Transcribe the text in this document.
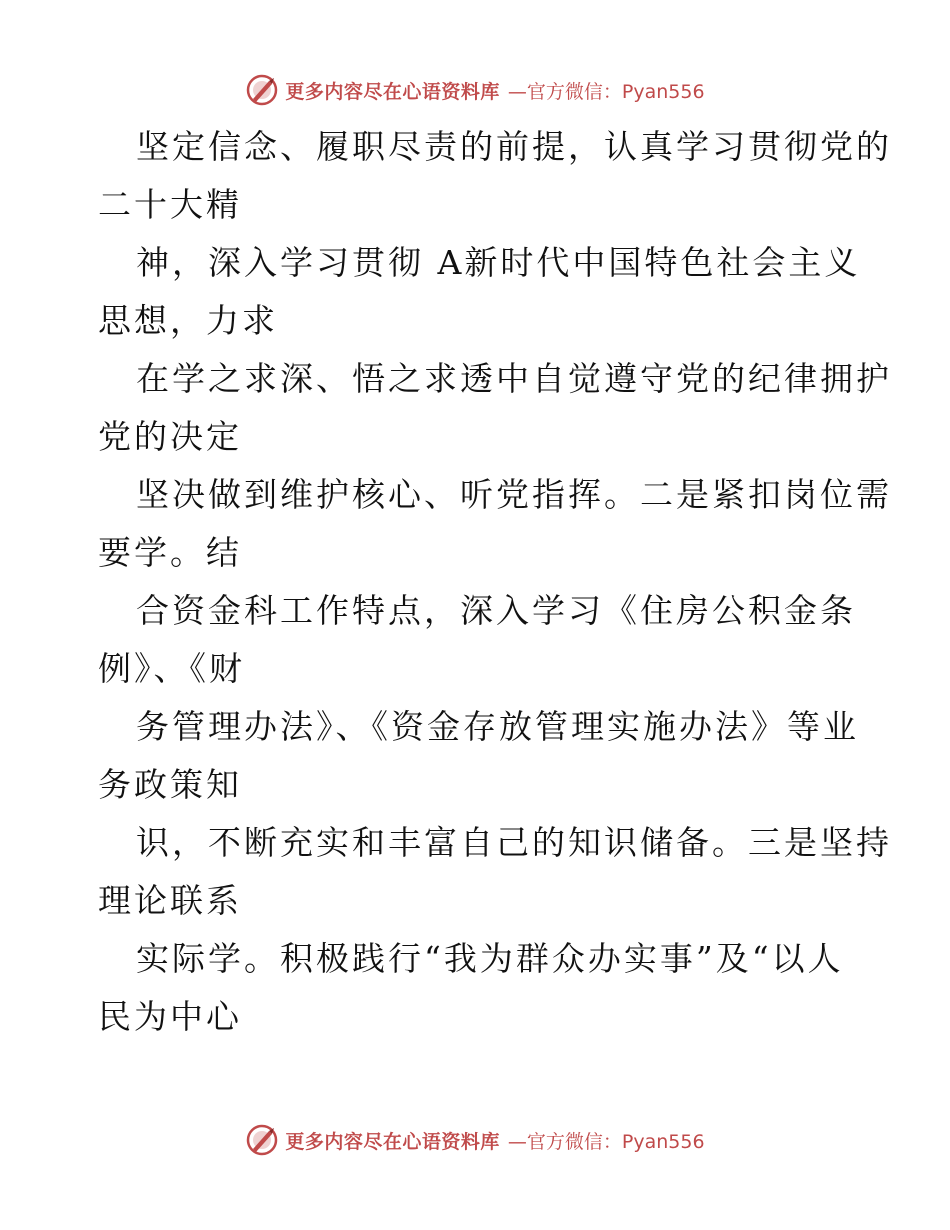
更多内容尽在心语资料库 —官方微信：Pyan556
坚定信念、履职尽责的前提，认真学习贯彻党的
二十大精
神，深入学习贯彻 A新时代中国特色社会主义
思想，力求
在学之求深、悟之求透中自觉遵守党的纪律拥护
党的决定
坚决做到维护核心、听党指挥。二是紧扣岗位需
要学。结
合资金科工作特点，深入学习《住房公积金条
例》、《财
务管理办法》、《资金存放管理实施办法》等业
务政策知
识，不断充实和丰富自己的知识储备。三是坚持
理论联系
实际学。积极践行“我为群众办实事”及“以人
民为中心
更多内容尽在心语资料库 —官方微信：Pyan556
